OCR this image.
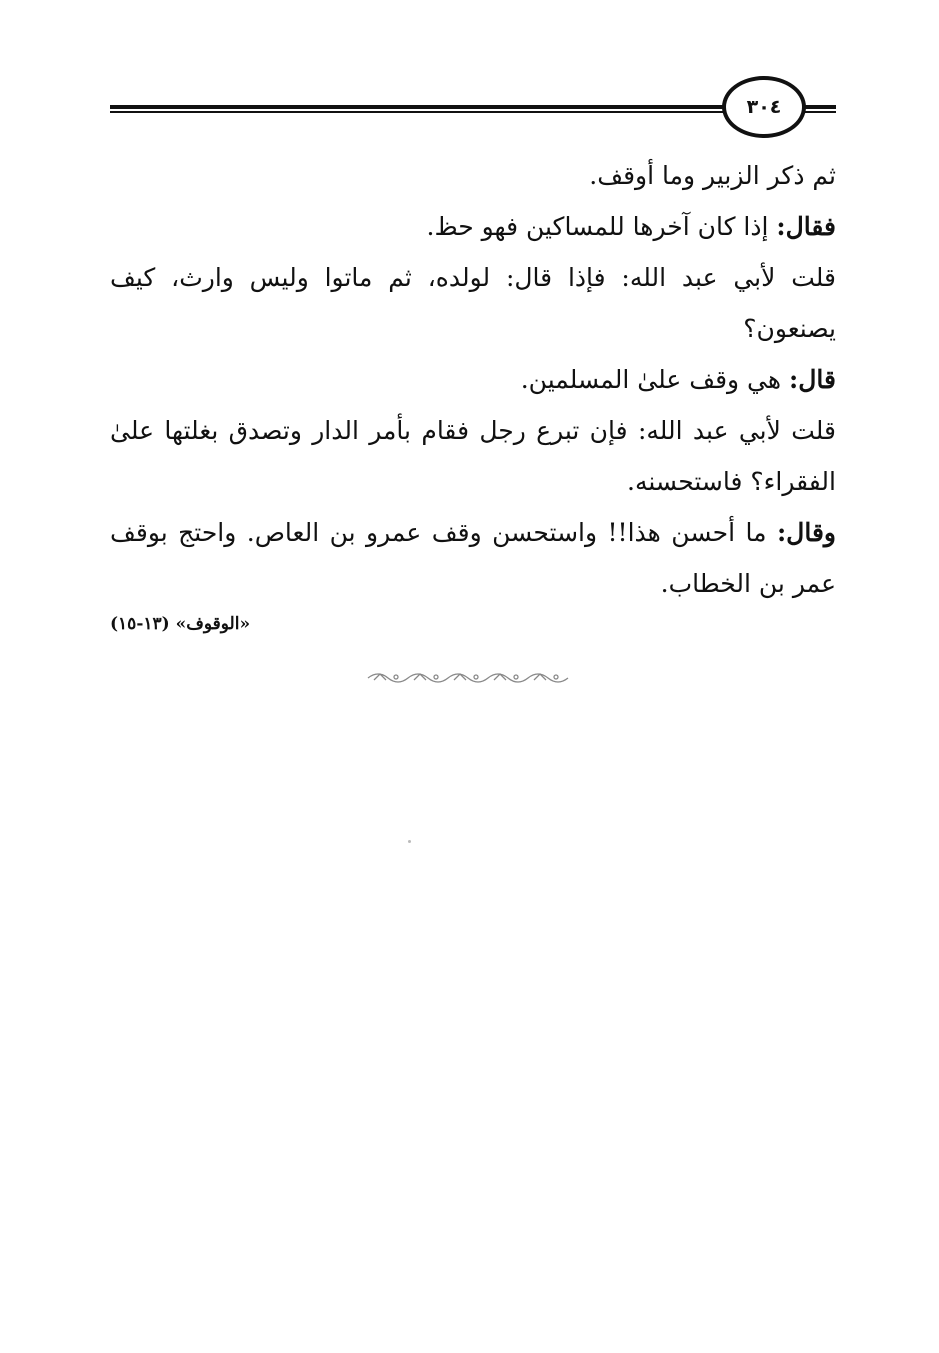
٣٠٤

ثم ذكر الزبير وما أوقف.

فقال: إذا كان آخرها للمساكين فهو حظ.

قلت لأبي عبد الله: فإذا قال: لولده، ثم ماتوا وليس وارث، كيف يصنعون؟

قال: هي وقف علىٰ المسلمين.

قلت لأبي عبد الله: فإن تبرع رجل فقام بأمر الدار وتصدق بغلتها علىٰ الفقراء؟ فاستحسنه.

وقال: ما أحسن هذا!! واستحسن وقف عمرو بن العاص. واحتج بوقف عمر بن الخطاب.

«الوقوف» (١٣-١٥)
